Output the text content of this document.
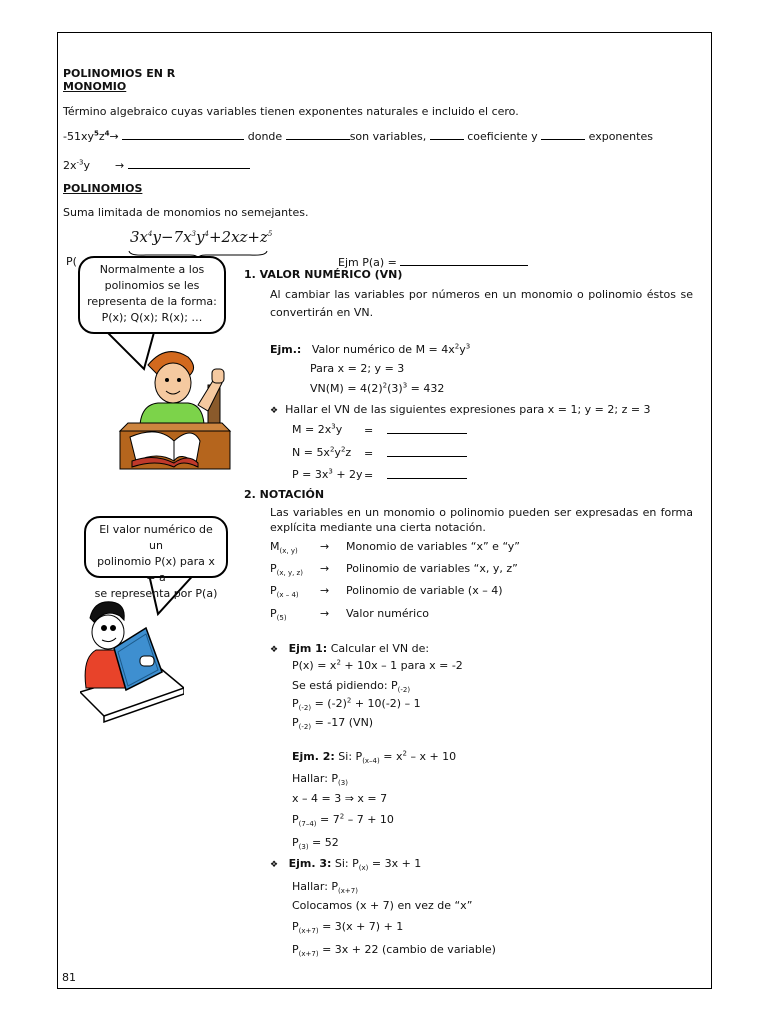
POLINOMIOS EN R
MONOMIO
Término algebraico cuyas variables tienen exponentes naturales e incluido el cero.
$-51xy^5z^4\to$	donde	son variables,	coeficiente y	exponentes
$2x^{-3}y$ →
POLINOMIOS
Suma limitada de monomios no semejantes.
$3x^4y-7x^3y^4+2xz+z^5$
P(	Ejm P(a) =
Normalmente a los
polinomios se les
representa de la forma:
P(x); Q(x); R(x); …
1. VALOR NUMÉRICO (VN)
Al cambiar las variables por números en un monomio o polinomio éstos se
convertirán en VN.
Ejm.: Valor numérico de $M = 4x^2y^3$
Para x = 2; y = 3
$VN(M) = 4(2)^2(3)^3 = 432$
❖ Hallar el VN de las siguientes expresiones para x = 1; y = 2; z = 3
$M = 2x^3y$ =
$N = 5x^2y^2z$ =
$P = 3x^3 + 2y$ =
2. NOTACIÓN
Las variables en un monomio o polinomio pueden ser expresadas en forma
explícita mediante una cierta notación.
$M_{(x, y)}$ → Monomio de variables “x” e “y”
$P_{(x, y, z)}$ → Polinomio de variables “x, y, z”
$P_{(x - 4)}$ → Polinomio de variable (x – 4)
$P_{(5)}$	→ Valor numérico
El valor numérico de un
polinomio P(x) para x = a
se representa por P(a)
❖ Ejm 1: Calcular el VN de:
$P(x) = x^2 + 10x - 1$ para x = -2
Se está pidiendo: $P_{(-2)}$
$P_{(-2)} = (-2)^2 + 10(-2) - 1$
$P_{(-2)} = -17$ (VN)
Ejm. 2: Si: $P_{(x-4)} = x^2 - x + 10$
Hallar: $P_{(3)}$
x – 4 = 3 ⇒ x = 7
$P_{(7-4)} = 7^2 - 7 + 10$
$P_{(3)} = 52$
❖ Ejm. 3: Si: $P_{(x)} = 3x + 1$
Hallar: $P_{(x+7)}$
Colocamos (x + 7) en vez de “x”
$P_{(x+7)} = 3(x + 7) + 1$
$P_{(x+7)} = 3x + 22$ (cambio de variable)
81
